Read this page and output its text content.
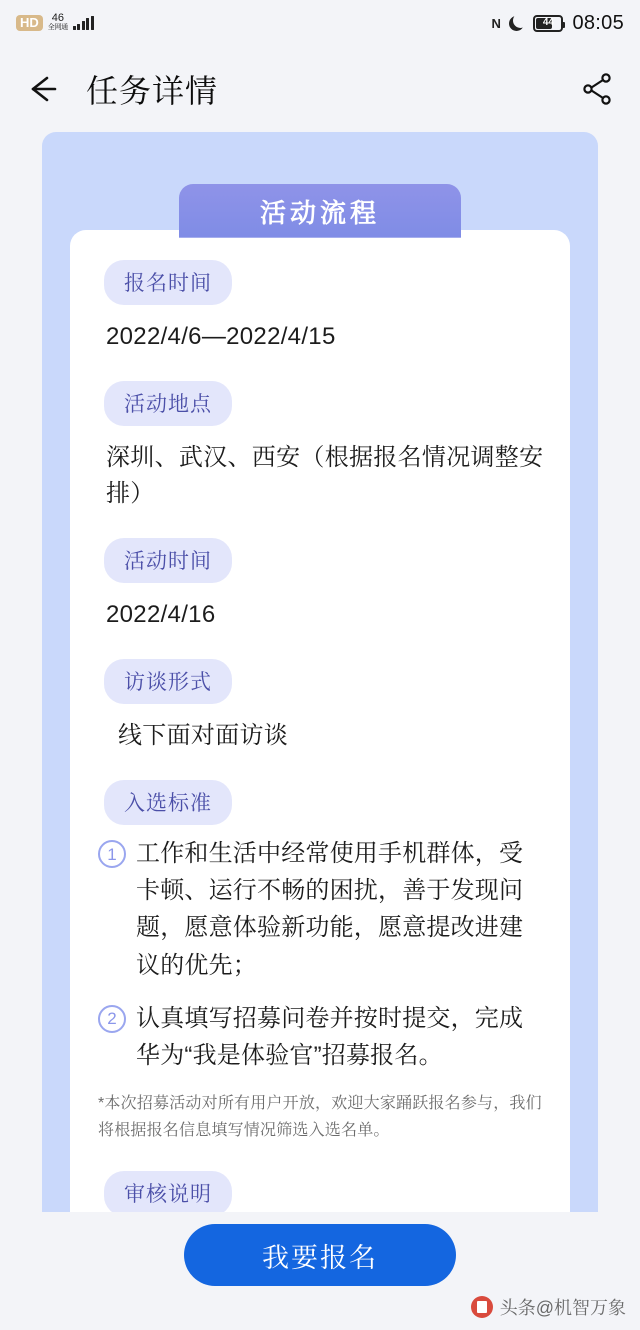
HD	46
全网通	N	44 08:05
任务详情
活动流程
报名时间
2022/4/6—2022/4/15
活动地点
深圳、武汉、西安（根据报名情况调整安排）
活动时间
2022/4/16
访谈形式
线下面对面访谈
入选标准
1 工作和生活中经常使用手机群体，受卡顿、运行不畅的困扰，善于发现问题，愿意体验新功能，愿意提改进建议的优先；
2 认真填写招募问卷并按时提交，完成华为“我是体验官”招募报名。
*本次招募活动对所有用户开放，欢迎大家踊跃报名参与，我们将根据报名信息填写情况筛选入选名单。
审核说明
我要报名
头条@机智万象
